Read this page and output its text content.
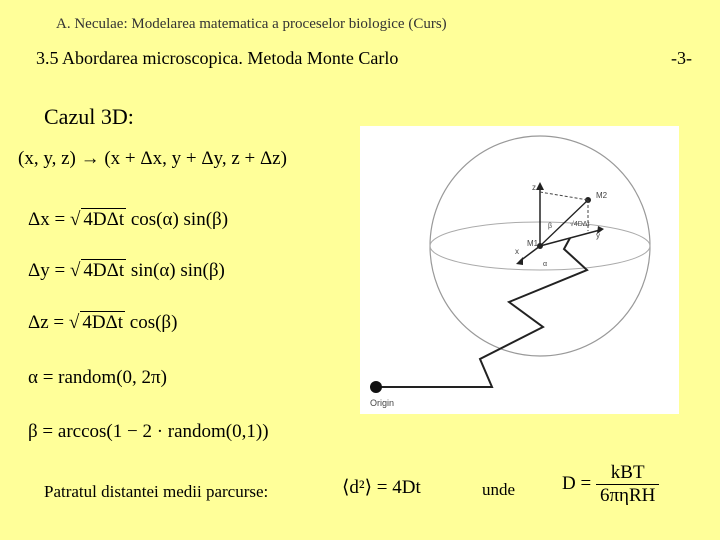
A. Neculae: Modelarea matematica a proceselor biologice (Curs)
3.5 Abordarea microscopica. Metoda Monte Carlo	-3-
Cazul 3D:
(x, y, z) → (x + Δx, y + Δy, z + Δz)
Δx = √ 4DΔt cos(α) sin(β)
Δy = √ 4DΔt sin(α) sin(β)
Δz = √ 4DΔt cos(β)
α = random(0, 2π)
β = arccos(1 − 2 · random(0,1))
Origin
z
y
x
M1
M2
√4DΔt
β
α
Patratul distantei medii parcurse:	⟨d²⟩ = 4Dt	unde $D = \frac{\text{kBT}}{\text{6πηRH}}$
